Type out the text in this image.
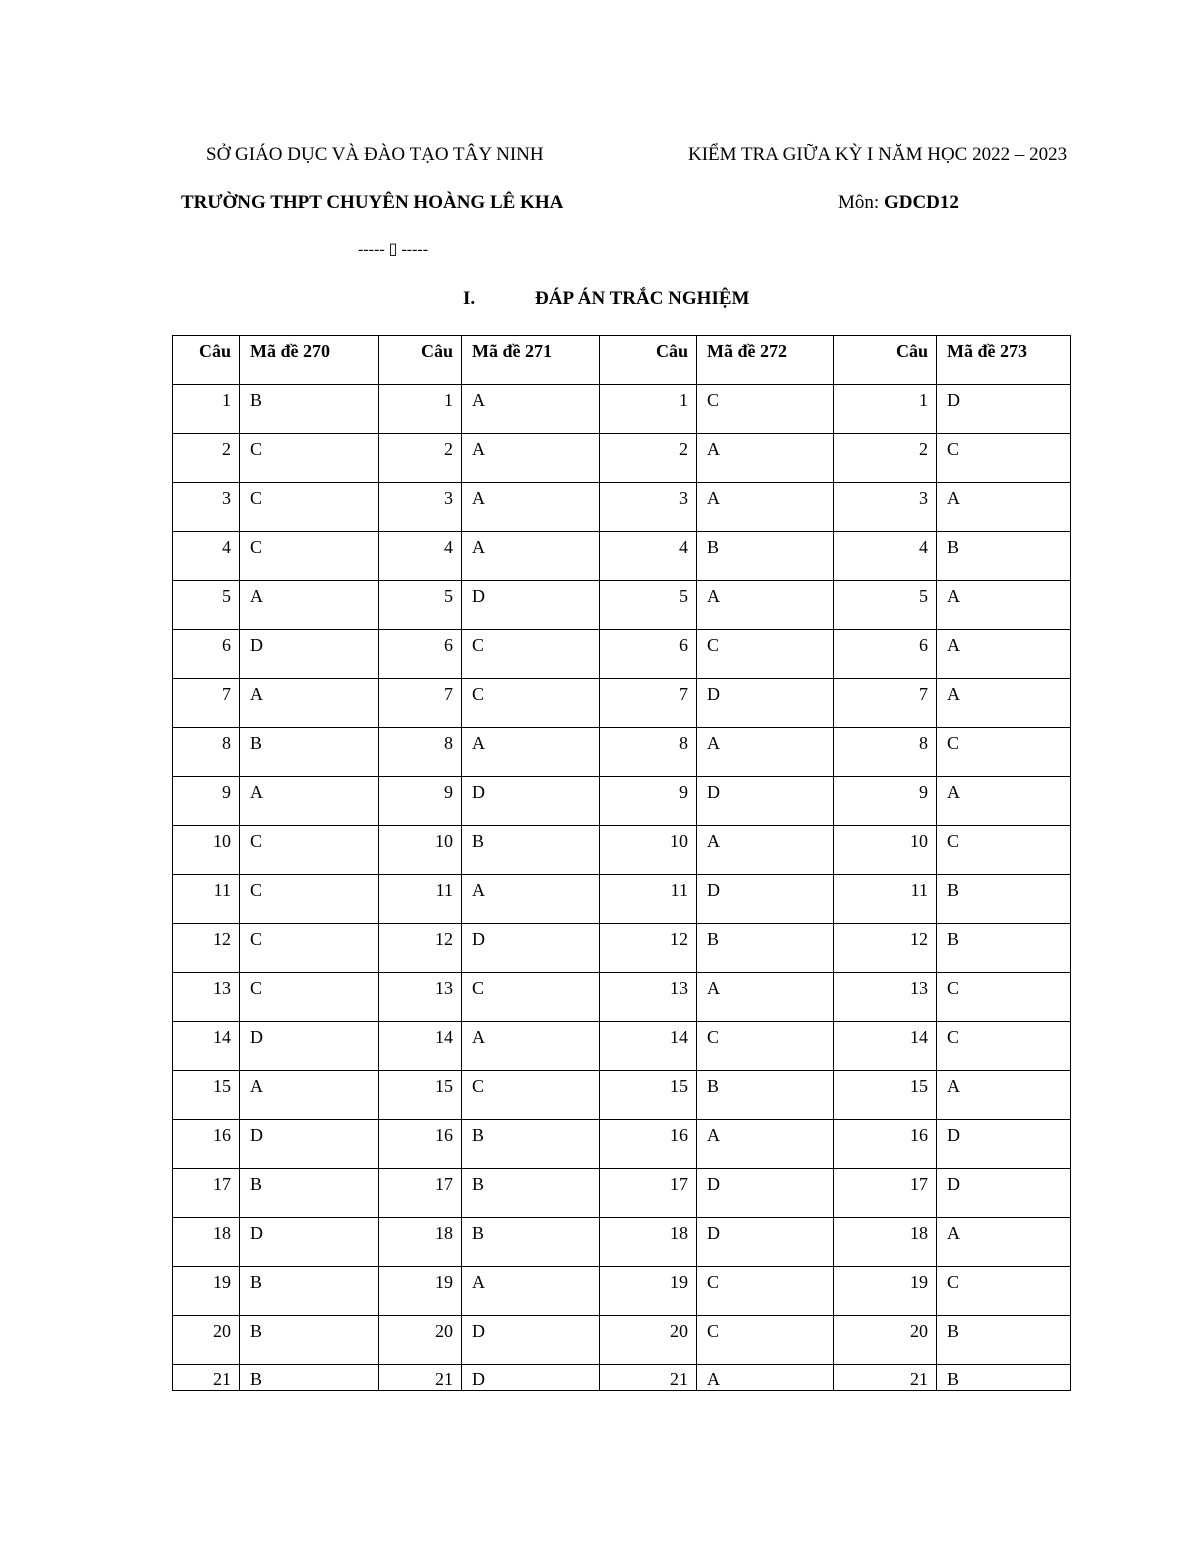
SỞ GIÁO DỤC VÀ ĐÀO TẠO TÂY NINH	KIỂM TRA GIỮA KỲ I NĂM HỌC 2022 – 2023
TRƯỜNG THPT CHUYÊN HOÀNG LÊ KHA	Môn: GDCD12
----- ▯ -----
I.	ĐÁP ÁN TRẮC NGHIỆM
Câu	Mã đề 270	Câu	Mã đề 271	Câu	Mã đề 272	Câu	Mã đề 273
1	B	1	A	1	C	1	D
2	C	2	A	2	A	2	C
3	C	3	A	3	A	3	A
4	C	4	A	4	B	4	B
5	A	5	D	5	A	5	A
6	D	6	C	6	C	6	A
7	A	7	C	7	D	7	A
8	B	8	A	8	A	8	C
9	A	9	D	9	D	9	A
10	C	10	B	10	A	10	C
11	C	11	A	11	D	11	B
12	C	12	D	12	B	12	B
13	C	13	C	13	A	13	C
14	D	14	A	14	C	14	C
15	A	15	C	15	B	15	A
16	D	16	B	16	A	16	D
17	B	17	B	17	D	17	D
18	D	18	B	18	D	18	A
19	B	19	A	19	C	19	C
20	B	20	D	20	C	20	B
21	B	21	D	21	A	21	B
